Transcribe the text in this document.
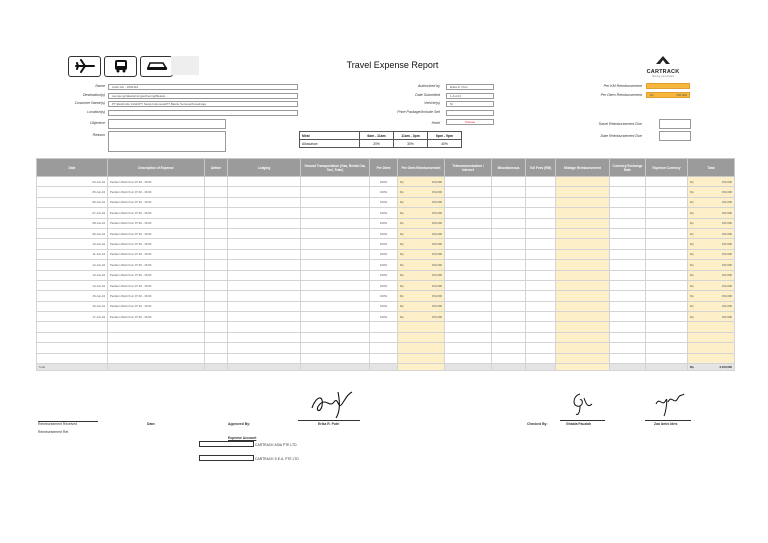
Travel Expense Report
CARTRACK
Moving you forward
Name	Andri Adi - 1802116
Destination(s)	Lampung/Jakarta/Jurgas/Kening/Bekasi...
Customer Name(s)	PT Elektrindo Indah/PT Sanja Indonesia/PT Bakrie Sentosa/Kovalmaja
Location(s)
Objective
Reason
Authorized by	Erika R. Putri
Date Submitted	1-Jul-24
Vehicle(s)	NI
Price Package/Include Sell
Hotel	Choose
Meal	6am - 11am	11am - 3pm	6pm - 9pm
Allowance	20%	30%	40%
Per KM Reimbursement
Per Diem Reimbursement	Rp	150,000
Travel Reimbursement Due
Date Reimbursement Due
Date	Description of Expense	Airfare	Lodging	Ground Transportation (Gas, Rental Car, Taxi, Train)	Per Diem	Per Diem Reimbursement	Telecommunication / Internet	Miscellaneous	Toll Fees (RM)	Mileage Reimbursement	Currency Exchange Rate	Expense Currency	Total
04-Jun-24	Perdiem Work from 07.30 - 18.30				100%	Rp 150,000							Rp 150,000
05-Jun-24	Perdiem Work from 07.30 - 18.30				100%	Rp 150,000							Rp 150,000
06-Jun-24	Perdiem Work from 07.30 - 18.30				100%	Rp 150,000							Rp 150,000
07-Jun-24	Perdiem Work from 07.30 - 18.30				100%	Rp 150,000							Rp 150,000
08-Jun-24	Perdiem Work from 07.30 - 18.30				100%	Rp 150,000							Rp 150,000
09-Jun-24	Perdiem Work from 07.30 - 18.30				100%	Rp 150,000							Rp 150,000
10-Jun-24	Perdiem Work from 07.30 - 18.30				100%	Rp 150,000							Rp 150,000
11-Jun-24	Perdiem Work from 07.30 - 18.30				100%	Rp 150,000							Rp 150,000
12-Jun-24	Perdiem Work from 07.30 - 18.30				100%	Rp 150,000							Rp 150,000
13-Jun-24	Perdiem Work from 07.30 - 18.30				100%	Rp 150,000							Rp 150,000
14-Jun-24	Perdiem Work from 07.30 - 18.30				100%	Rp 150,000							Rp 150,000
15-Jun-24	Perdiem Work from 07.30 - 18.30				100%	Rp 150,000							Rp 150,000
16-Jun-24	Perdiem Work from 07.30 - 18.30				100%	Rp 150,000							Rp 150,000
17-Jun-24	Perdiem Work from 07.30 - 18.30				100%	Rp 150,000							Rp 150,000

Total													Rp 2,100,000
Reimbursement Received
Reimbursement Ref.
Date:	Approved By:	Erika R. Putri	Checked By:	Ghaida Fauziah	Zaa Izeini Idris
Expense Account
CARTRACK ASIA PTE LTD
CARTRACK S.E.A. PTE LTD
